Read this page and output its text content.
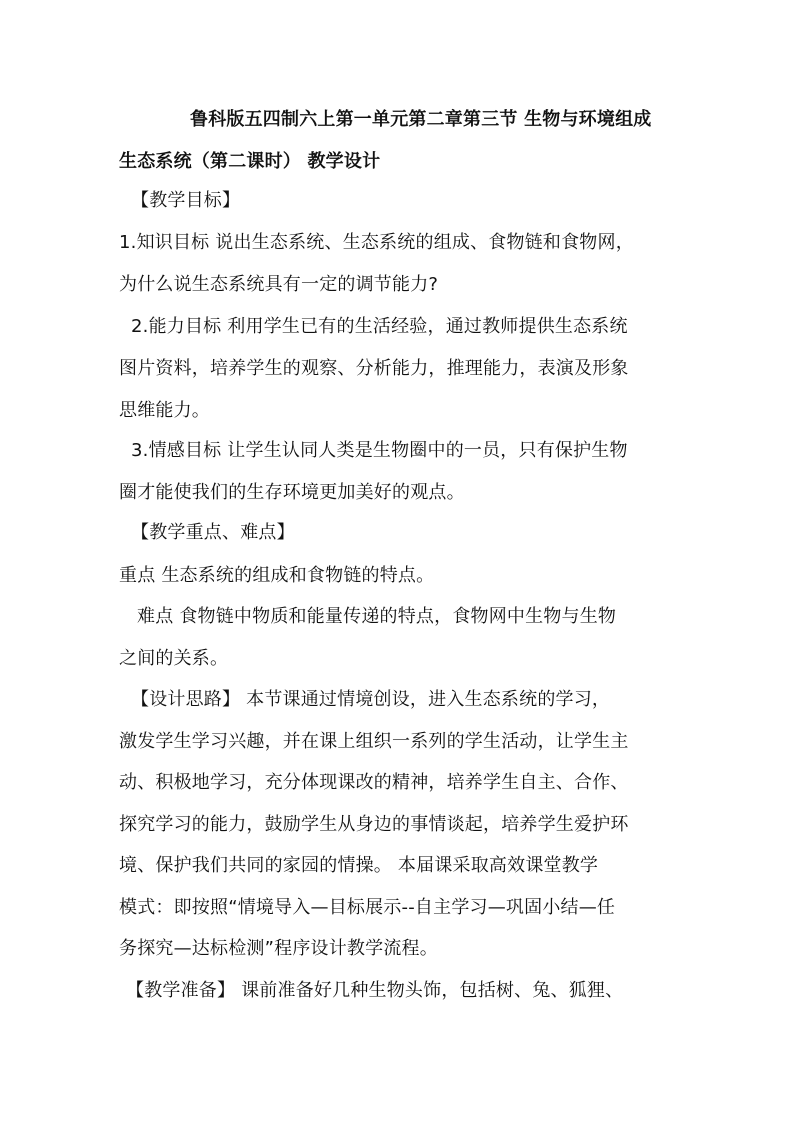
鲁科版五四制六上第一单元第二章第三节 生物与环境组成
生态系统（第二课时） 教学设计
【教学目标】
1.知识目标 说出生态系统、生态系统的组成、食物链和食物网，
为什么说生态系统具有一定的调节能力?
2.能力目标 利用学生已有的生活经验，通过教师提供生态系统
图片资料，培养学生的观察、分析能力，推理能力，表演及形象
思维能力。
3.情感目标 让学生认同人类是生物圈中的一员，只有保护生物
圈才能使我们的生存环境更加美好的观点。
【教学重点、难点】
重点 生态系统的组成和食物链的特点。
难点 食物链中物质和能量传递的特点，食物网中生物与生物
之间的关系。
【设计思路】 本节课通过情境创设，进入生态系统的学习，
激发学生学习兴趣，并在课上组织一系列的学生活动，让学生主
动、积极地学习，充分体现课改的精神，培养学生自主、合作、
探究学习的能力，鼓励学生从身边的事情谈起，培养学生爱护环
境、保护我们共同的家园的情操。 本届课采取高效课堂教学
模式：即按照“情境导入—目标展示--自主学习—巩固小结—任
务探究—达标检测”程序设计教学流程。
【教学准备】 课前准备好几种生物头饰，包括树、兔、狐狸、
